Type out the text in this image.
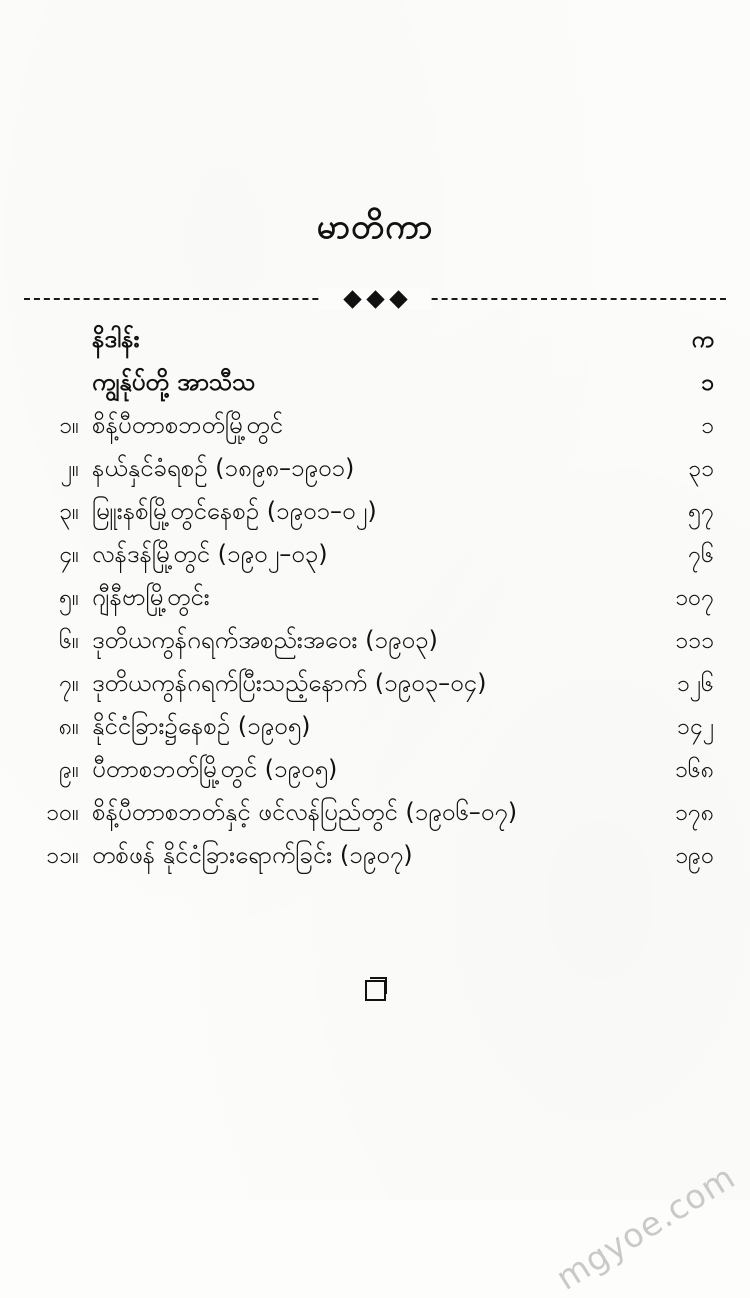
မာတိကာ
နိဒါန်း	က
ကျွန်ုပ်တို့ အာသီသ	၁
၁။ စိန့်ပီတာစဘတ်မြို့တွင်	၁
၂။ နယ်နှင်ခံရစဉ် (၁၈၉၈–၁၉၀၁)	၃၁
၃။ မြူးနစ်မြို့တွင်နေစဉ် (၁၉၀၁–၀၂)	၅၇
၄။ လန်ဒန်မြို့တွင် (၁၉၀၂–၀၃)	၇၆
၅။ ဂျီနီဗာမြို့တွင်း	၁၀၇
၆။ ဒုတိယကွန်ဂရက်အစည်းအဝေး (၁၉၀၃)	၁၁၁
၇။ ဒုတိယကွန်ဂရက်ပြီးသည့်နောက် (၁၉၀၃–၀၄)	၁၂၆
၈။ နိုင်ငံခြား၌နေစဉ် (၁၉၀၅)	၁၄၂
၉။ ပီတာစဘတ်မြို့တွင် (၁၉၀၅)	၁၆၈
၁၀။ စိန့်ပီတာစဘတ်နှင့် ဖင်လန်ပြည်တွင် (၁၉၀၆–၀၇)	၁၇၈
၁၁။ တစ်ဖန် နိုင်ငံခြားရောက်ခြင်း (၁၉၀၇)	၁၉၀
mgyoe.com
